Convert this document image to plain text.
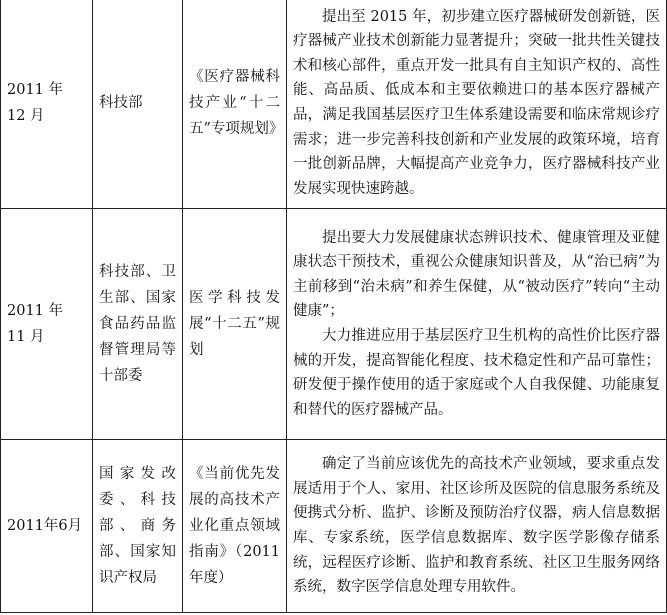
2011 年 12 月	科技部	《医疗器械科技产业“十二五”专项规划》	提出至 2015 年，初步建立医疗器械研发创新链，医疗器械产业技术创新能力显著提升；突破一批共性关键技术和核心部件，重点开发一批具有自主知识产权的、高性能、高品质、低成本和主要依赖进口的基本医疗器械产品，满足我国基层医疗卫生体系建设需要和临床常规诊疗需求；进一步完善科技创新和产业发展的政策环境，培育一批创新品牌，大幅提高产业竞争力，医疗器械科技产业发展实现快速跨越。

2011 年 11 月	科技部、卫生部、国家食品药品监督管理局等十部委	医学科技发展“十二五”规划	提出要大力发展健康状态辨识技术、健康管理及亚健康状态干预技术，重视公众健康知识普及，从“治已病”为主前移到“治未病”和养生保健，从“被动医疗”转向“主动健康”；

大力推进应用于基层医疗卫生机构的高性价比医疗器械的开发，提高智能化程度、技术稳定性和产品可靠性；研发便于操作使用的适于家庭或个人自我保健、功能康复和替代的医疗器械产品。

2011年6月	国家发改委、科技部、商务部、国家知识产权局	《当前优先发展的高技术产业化重点领域指南》（2011 年度）	确定了当前应该优先的高技术产业领域，要求重点发展适用于个人、家用、社区诊所及医院的信息服务系统及便携式分析、监护、诊断及预防治疗仪器，病人信息数据库、专家系统，医学信息数据库、数字医学影像存储系统，远程医疗诊断、监护和教育系统、社区卫生服务网络系统，数字医学信息处理专用软件。
